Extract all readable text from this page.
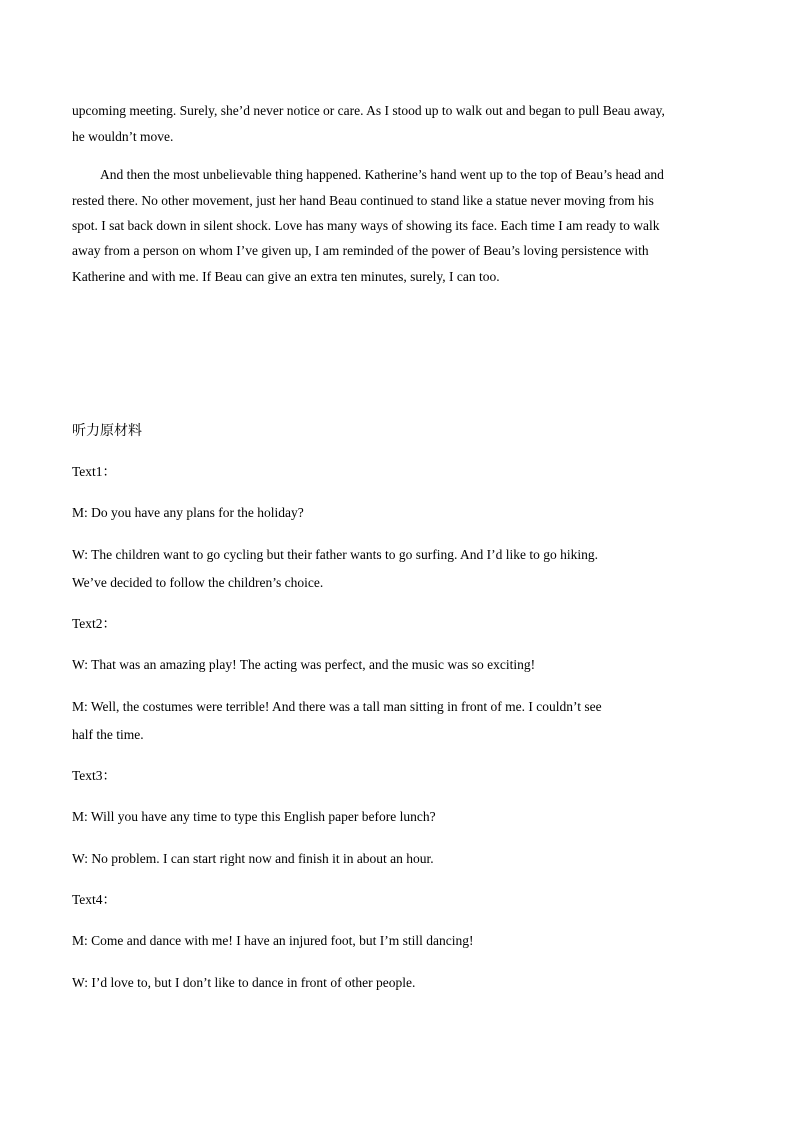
upcoming meeting. Surely, she’d never notice or care. As I stood up to walk out and began to pull Beau away,
he wouldn’t move.
And then the most unbelievable thing happened. Katherine’s hand went up to the top of Beau’s head and
rested there. No other movement, just her hand Beau continued to stand like a statue never moving from his
spot. I sat back down in silent shock. Love has many ways of showing its face. Each time I am ready to walk
away from a person on whom I’ve given up, I am reminded of the power of Beau’s loving persistence with
Katherine and with me. If Beau can give an extra ten minutes, surely, I can too.
听力原材料
Text1：
M: Do you have any plans for the holiday?
W: The children want to go cycling but their father wants to go surfing. And I’d like to go hiking.
We’ve decided to follow the children’s choice.
Text2：
W: That was an amazing play! The acting was perfect, and the music was so exciting!
M: Well, the costumes were terrible! And there was a tall man sitting in front of me. I couldn’t see
half the time.
Text3：
M: Will you have any time to type this English paper before lunch?
W: No problem. I can start right now and finish it in about an hour.
Text4：
M: Come and dance with me! I have an injured foot, but I’m still dancing!
W: I’d love to, but I don’t like to dance in front of other people.
